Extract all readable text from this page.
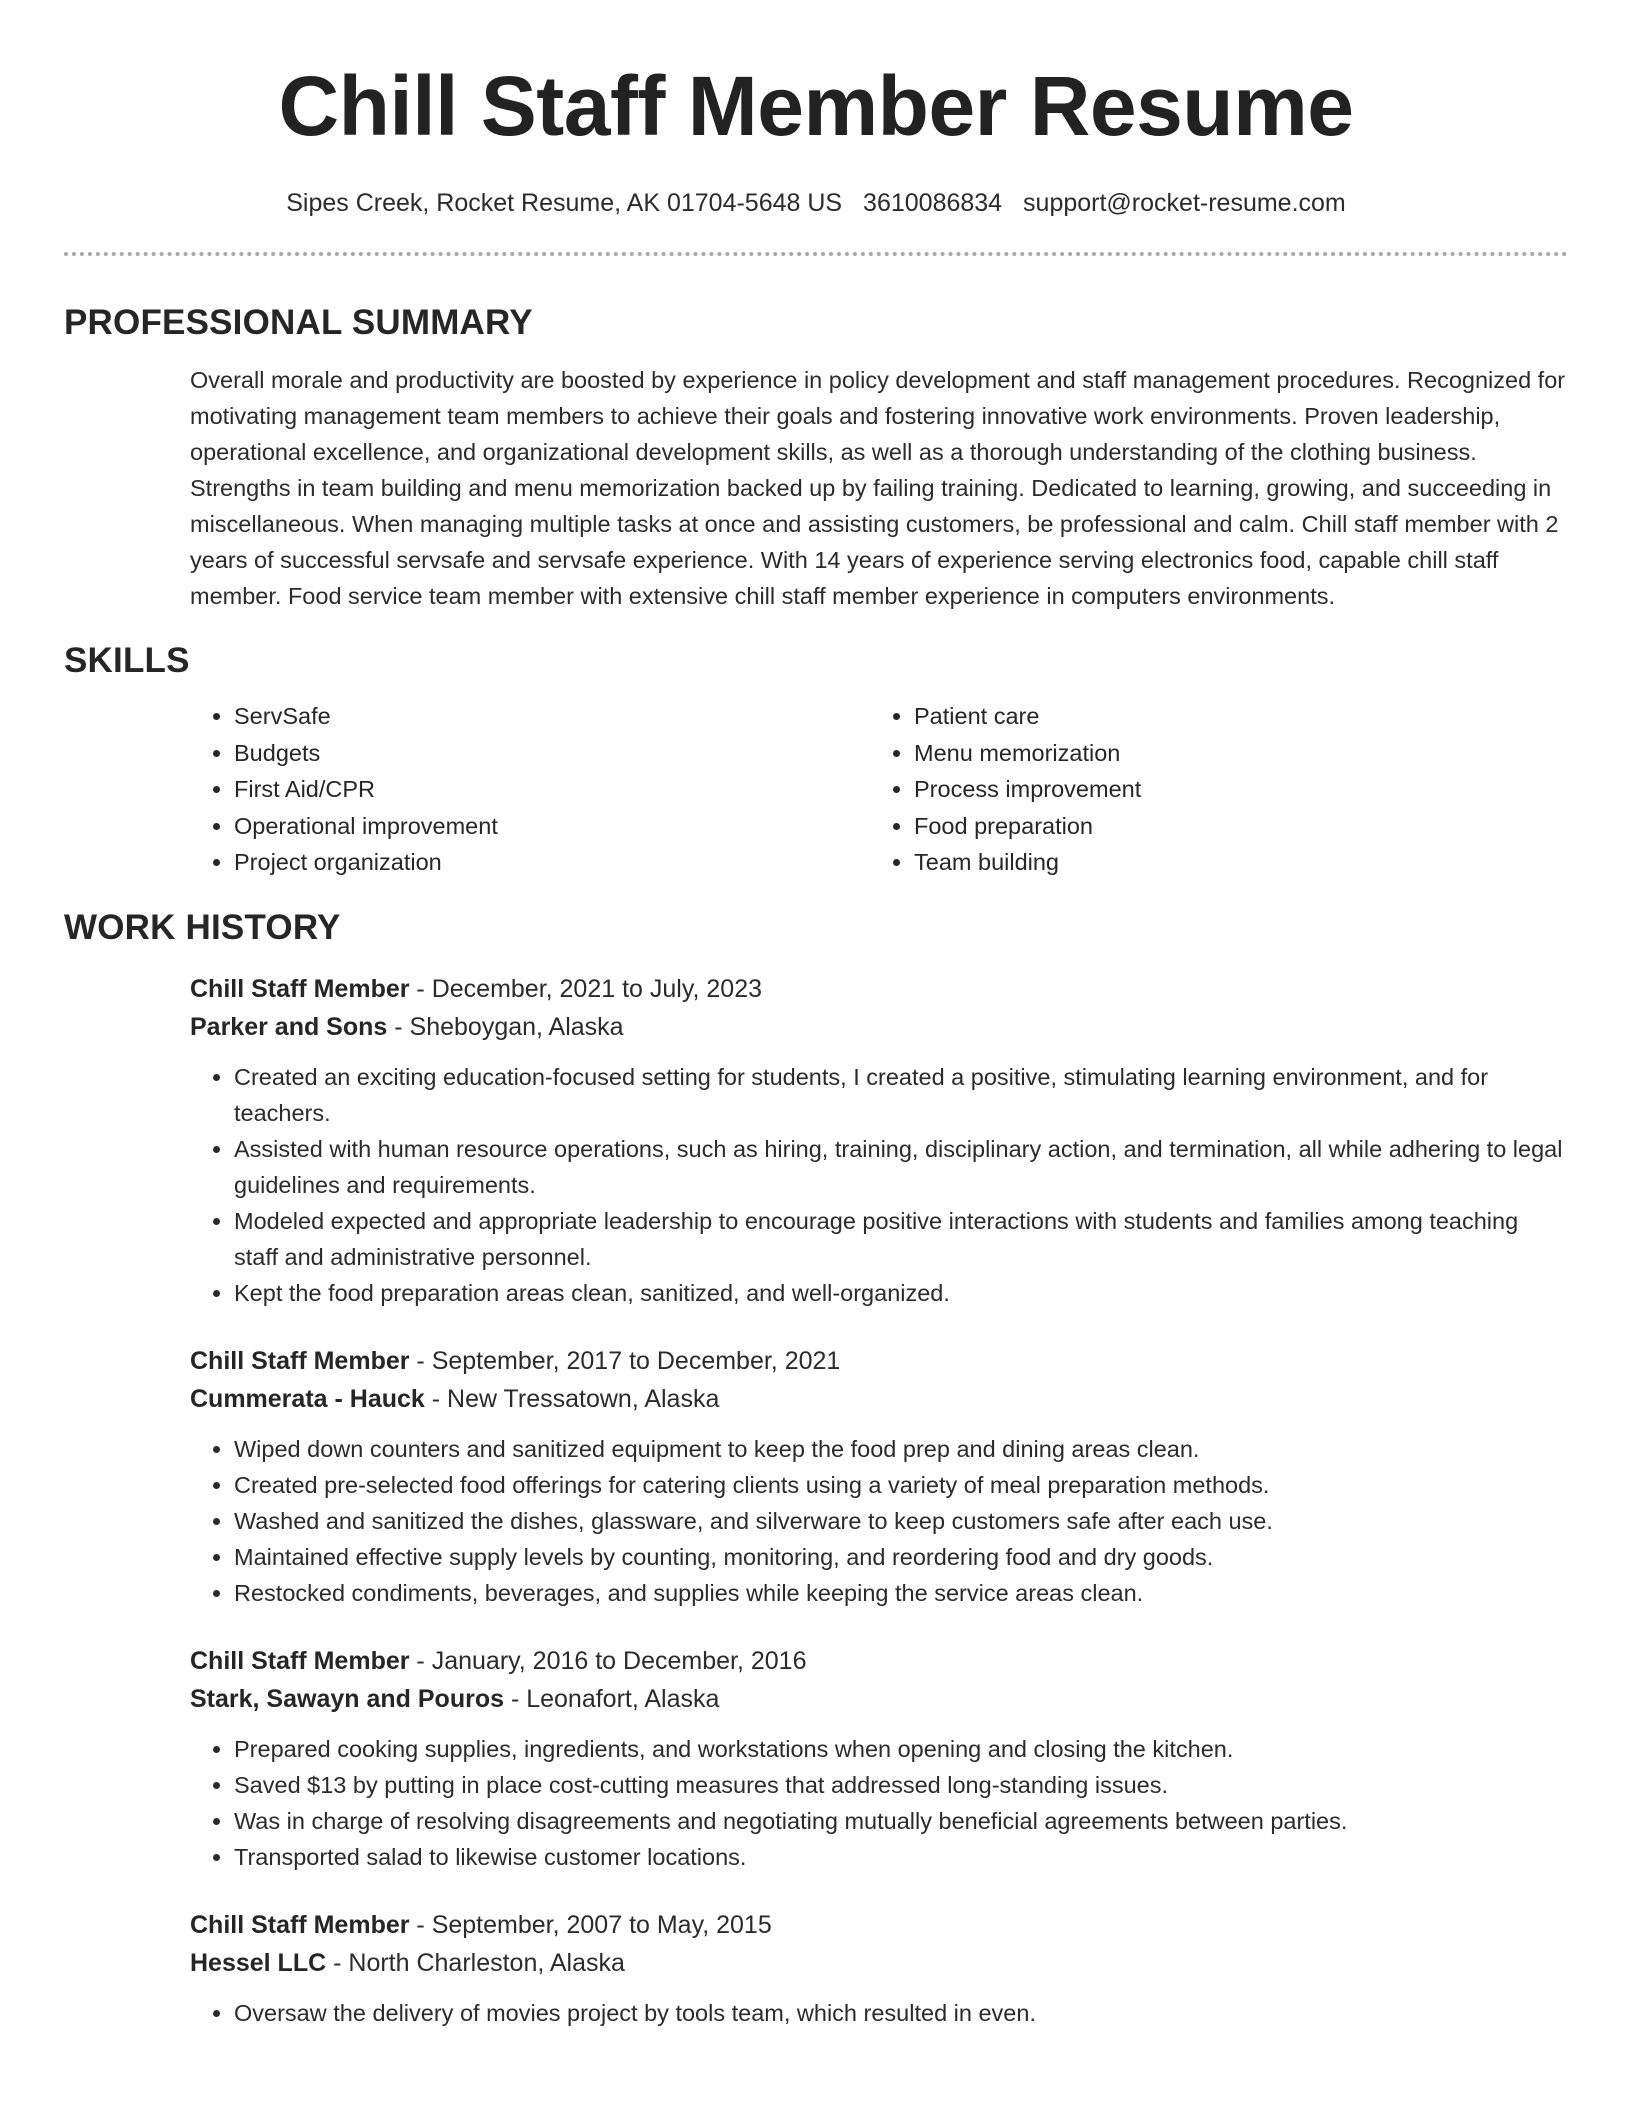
Chill Staff Member Resume
Sipes Creek, Rocket Resume, AK 01704-5648 US 3610086834 support@rocket-resume.com
PROFESSIONAL SUMMARY

Overall morale and productivity are boosted by experience in policy development and staff management procedures. Recognized for motivating management team members to achieve their goals and fostering innovative work environments. Proven leadership, operational excellence, and organizational development skills, as well as a thorough understanding of the clothing business. Strengths in team building and menu memorization backed up by failing training. Dedicated to learning, growing, and succeeding in miscellaneous. When managing multiple tasks at once and assisting customers, be professional and calm. Chill staff member with 2 years of successful servsafe and servsafe experience. With 14 years of experience serving electronics food, capable chill staff member. Food service team member with extensive chill staff member experience in computers environments.

SKILLS
• ServSafe
• Budgets
• First Aid/CPR
• Operational improvement
• Project organization
• Patient care
• Menu memorization
• Process improvement
• Food preparation
• Team building
WORK HISTORY
Chill Staff Member - December, 2021 to July, 2023
Parker and Sons - Sheboygan, Alaska
• Created an exciting education-focused setting for students, I created a positive, stimulating learning environment, and for teachers.
• Assisted with human resource operations, such as hiring, training, disciplinary action, and termination, all while adhering to legal guidelines and requirements.
• Modeled expected and appropriate leadership to encourage positive interactions with students and families among teaching staff and administrative personnel.
• Kept the food preparation areas clean, sanitized, and well-organized.
Chill Staff Member - September, 2017 to December, 2021
Cummerata - Hauck - New Tressatown, Alaska
• Wiped down counters and sanitized equipment to keep the food prep and dining areas clean.
• Created pre-selected food offerings for catering clients using a variety of meal preparation methods.
• Washed and sanitized the dishes, glassware, and silverware to keep customers safe after each use.
• Maintained effective supply levels by counting, monitoring, and reordering food and dry goods.
• Restocked condiments, beverages, and supplies while keeping the service areas clean.
Chill Staff Member - January, 2016 to December, 2016
Stark, Sawayn and Pouros - Leonafort, Alaska
• Prepared cooking supplies, ingredients, and workstations when opening and closing the kitchen.
• Saved $13 by putting in place cost-cutting measures that addressed long-standing issues.
• Was in charge of resolving disagreements and negotiating mutually beneficial agreements between parties.
• Transported salad to likewise customer locations.
Chill Staff Member - September, 2007 to May, 2015
Hessel LLC - North Charleston, Alaska
• Oversaw the delivery of movies project by tools team, which resulted in even.
